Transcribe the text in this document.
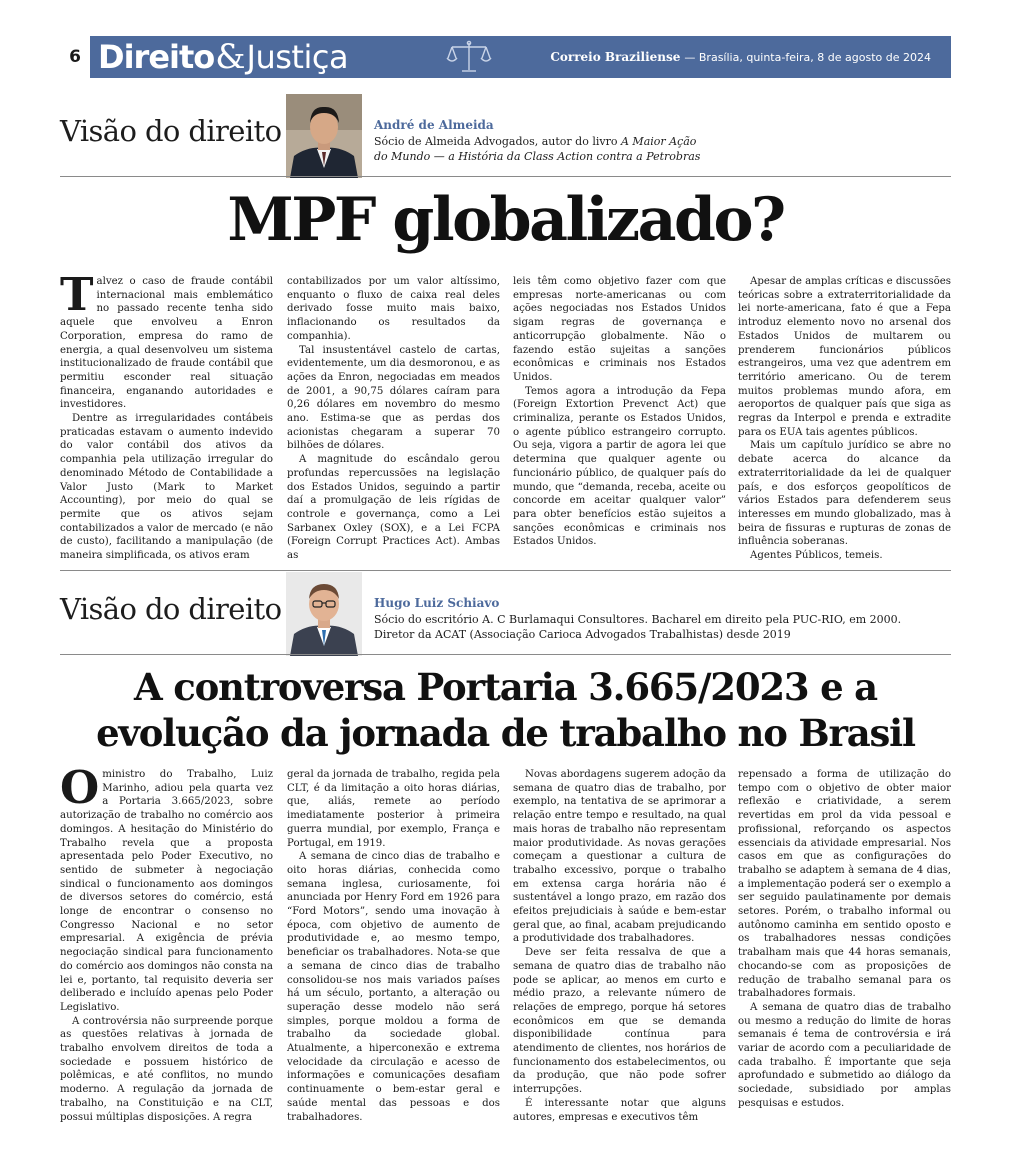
6 Direito & Justiça	Correio Braziliense — Brasília, quinta-feira, 8 de agosto de 2024
Visão do direito	André de Almeida
Sócio de Almeida Advogados, autor do livro A Maior Ação do Mundo — a História da Class Action contra a Petrobras
MPF globalizado?

Talvez o caso de fraude contábil internacional mais emblemático no passado recente tenha sido aquele que envolveu a Enron Corporation, empresa do ramo de energia, a qual desenvolveu um sistema institucionalizado de fraude contábil que permitiu esconder real situação financeira, enganando autoridades e investidores.

Dentre as irregularidades contábeis praticadas estavam o aumento indevido do valor contábil dos ativos da companhia pela utilização irregular do denominado Método de Contabilidade a Valor Justo (Mark to Market Accounting), por meio do qual se permite que os ativos sejam contabilizados a valor de mercado (e não de custo), facilitando a manipulação (de maneira simplificada, os ativos eram

contabilizados por um valor altíssimo, enquanto o fluxo de caixa real deles derivado fosse muito mais baixo, inflacionando os resultados da companhia).

Tal insustentável castelo de cartas, evidentemente, um dia desmoronou, e as ações da Enron, negociadas em meados de 2001, a 90,75 dólares caíram para 0,26 dólares em novembro do mesmo ano. Estima-se que as perdas dos acionistas chegaram a superar 70 bilhões de dólares.

A magnitude do escândalo gerou profundas repercussões na legislação dos Estados Unidos, seguindo a partir daí a promulgação de leis rígidas de controle e governança, como a Lei Sarbanex Oxley (SOX), e a Lei FCPA (Foreign Corrupt Practices Act). Ambas as

leis têm como objetivo fazer com que empresas norte-americanas ou com ações negociadas nos Estados Unidos sigam regras de governança e anticorrupção globalmente. Não o fazendo estão sujeitas a sanções econômicas e criminais nos Estados Unidos.

Temos agora a introdução da Fepa (Foreign Extortion Prevenct Act) que criminaliza, perante os Estados Unidos, o agente público estrangeiro corrupto. Ou seja, vigora a partir de agora lei que determina que qualquer agente ou funcionário público, de qualquer país do mundo, que “demanda, receba, aceite ou concorde em aceitar qualquer valor” para obter benefícios estão sujeitos a sanções econômicas e criminais nos Estados Unidos.

Apesar de amplas críticas e discussões teóricas sobre a extraterritorialidade da lei norte-americana, fato é que a Fepa introduz elemento novo no arsenal dos Estados Unidos de multarem ou prenderem funcionários públicos estrangeiros, uma vez que adentrem em território americano. Ou de terem muitos problemas mundo afora, em aeroportos de qualquer país que siga as regras da Interpol e prenda e extradite para os EUA tais agentes públicos.

Mais um capítulo jurídico se abre no debate acerca do alcance da extraterritorialidade da lei de qualquer país, e dos esforços geopolíticos de vários Estados para defenderem seus interesses em mundo globalizado, mas à beira de fissuras e rupturas de zonas de influência soberanas.

Agentes Públicos, temeis.

Visão do direito	Hugo Luiz Schiavo
Sócio do escritório A. C Burlamaqui Consultores. Bacharel em direito pela PUC-RIO, em 2000.
Diretor da ACAT (Associação Carioca Advogados Trabalhistas) desde 2019
A controversa Portaria 3.665/2023 e a
evolução da jornada de trabalho no Brasil

Oministro do Trabalho, Luiz Marinho, adiou pela quarta vez a Portaria 3.665/2023, sobre autorização de trabalho no comércio aos domingos. A hesitação do Ministério do Trabalho revela que a proposta apresentada pelo Poder Executivo, no sentido de submeter à negociação sindical o funcionamento aos domingos de diversos setores do comércio, está longe de encontrar o consenso no Congresso Nacional e no setor empresarial. A exigência de prévia negociação sindical para funcionamento do comércio aos domingos não consta na lei e, portanto, tal requisito deveria ser deliberado e incluído apenas pelo Poder Legislativo.

A controvérsia não surpreende porque as questões relativas à jornada de trabalho envolvem direitos de toda a sociedade e possuem histórico de polêmicas, e até conflitos, no mundo moderno. A regulação da jornada de trabalho, na Constituição e na CLT, possui múltiplas disposições. A regra

geral da jornada de trabalho, regida pela CLT, é da limitação a oito horas diárias, que, aliás, remete ao período imediatamente posterior à primeira guerra mundial, por exemplo, França e Portugal, em 1919.

A semana de cinco dias de trabalho e oito horas diárias, conhecida como semana inglesa, curiosamente, foi anunciada por Henry Ford em 1926 para “Ford Motors”, sendo uma inovação à época, com objetivo de aumento de produtividade e, ao mesmo tempo, beneficiar os trabalhadores. Nota-se que a semana de cinco dias de trabalho consolidou-se nos mais variados países há um século, portanto, a alteração ou superação desse modelo não será simples, porque moldou a forma de trabalho da sociedade global. Atualmente, a hiperconexão e extrema velocidade da circulação e acesso de informações e comunicações desafiam continuamente o bem-estar geral e saúde mental das pessoas e dos trabalhadores.

Novas abordagens sugerem adoção da semana de quatro dias de trabalho, por exemplo, na tentativa de se aprimorar a relação entre tempo e resultado, na qual mais horas de trabalho não representam maior produtividade. As novas gerações começam a questionar a cultura de trabalho excessivo, porque o trabalho em extensa carga horária não é sustentável a longo prazo, em razão dos efeitos prejudiciais à saúde e bem-estar geral que, ao final, acabam prejudicando a produtividade dos trabalhadores.

Deve ser feita ressalva de que a semana de quatro dias de trabalho não pode se aplicar, ao menos em curto e médio prazo, a relevante número de relações de emprego, porque há setores econômicos em que se demanda disponibilidade contínua para atendimento de clientes, nos horários de funcionamento dos estabelecimentos, ou da produção, que não pode sofrer interrupções.

É interessante notar que alguns autores, empresas e executivos têm

repensado a forma de utilização do tempo com o objetivo de obter maior reflexão e criatividade, a serem revertidas em prol da vida pessoal e profissional, reforçando os aspectos essenciais da atividade empresarial. Nos casos em que as configurações do trabalho se adaptem à semana de 4 dias, a implementação poderá ser o exemplo a ser seguido paulatinamente por demais setores. Porém, o trabalho informal ou autônomo caminha em sentido oposto e os trabalhadores nessas condições trabalham mais que 44 horas semanais, chocando-se com as proposições de redução de trabalho semanal para os trabalhadores formais.

A semana de quatro dias de trabalho ou mesmo a redução do limite de horas semanais é tema de controvérsia e irá variar de acordo com a peculiaridade de cada trabalho. É importante que seja aprofundado e submetido ao diálogo da sociedade, subsidiado por amplas pesquisas e estudos.
